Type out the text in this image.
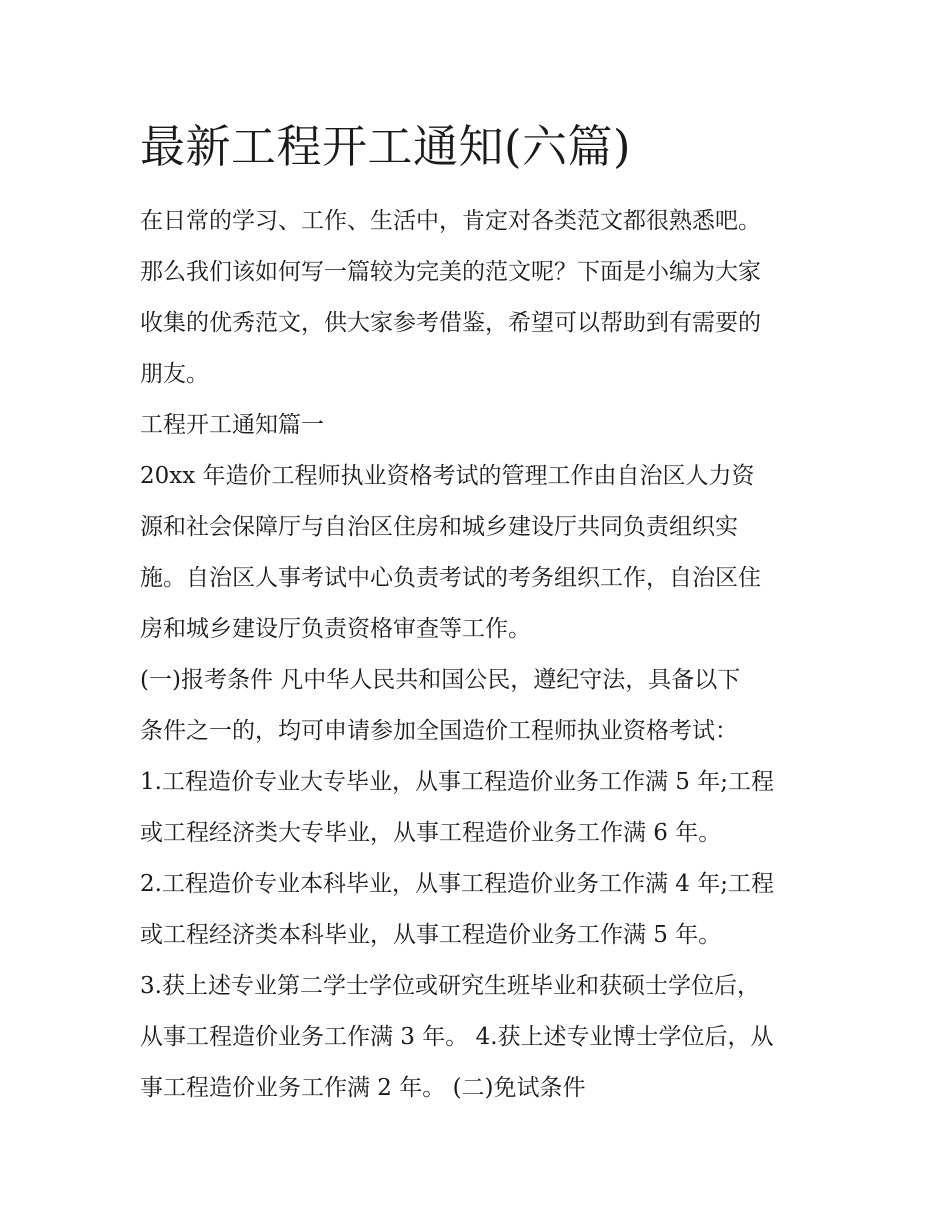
最新工程开工通知(六篇)
在日常的学习、工作、生活中，肯定对各类范文都很熟悉吧。
那么我们该如何写一篇较为完美的范文呢？下面是小编为大家
收集的优秀范文，供大家参考借鉴，希望可以帮助到有需要的
朋友。
工程开工通知篇一
20xx 年造价工程师执业资格考试的管理工作由自治区人力资
源和社会保障厅与自治区住房和城乡建设厅共同负责组织实
施。自治区人事考试中心负责考试的考务组织工作，自治区住
房和城乡建设厅负责资格审查等工作。
(一)报考条件 凡中华人民共和国公民，遵纪守法，具备以下
条件之一的，均可申请参加全国造价工程师执业资格考试：
1.工程造价专业大专毕业，从事工程造价业务工作满 5 年;工程
或工程经济类大专毕业，从事工程造价业务工作满 6 年。
2.工程造价专业本科毕业，从事工程造价业务工作满 4 年;工程
或工程经济类本科毕业，从事工程造价业务工作满 5 年。
3.获上述专业第二学士学位或研究生班毕业和获硕士学位后，
从事工程造价业务工作满 3 年。 4.获上述专业博士学位后，从
事工程造价业务工作满 2 年。 (二)免试条件
